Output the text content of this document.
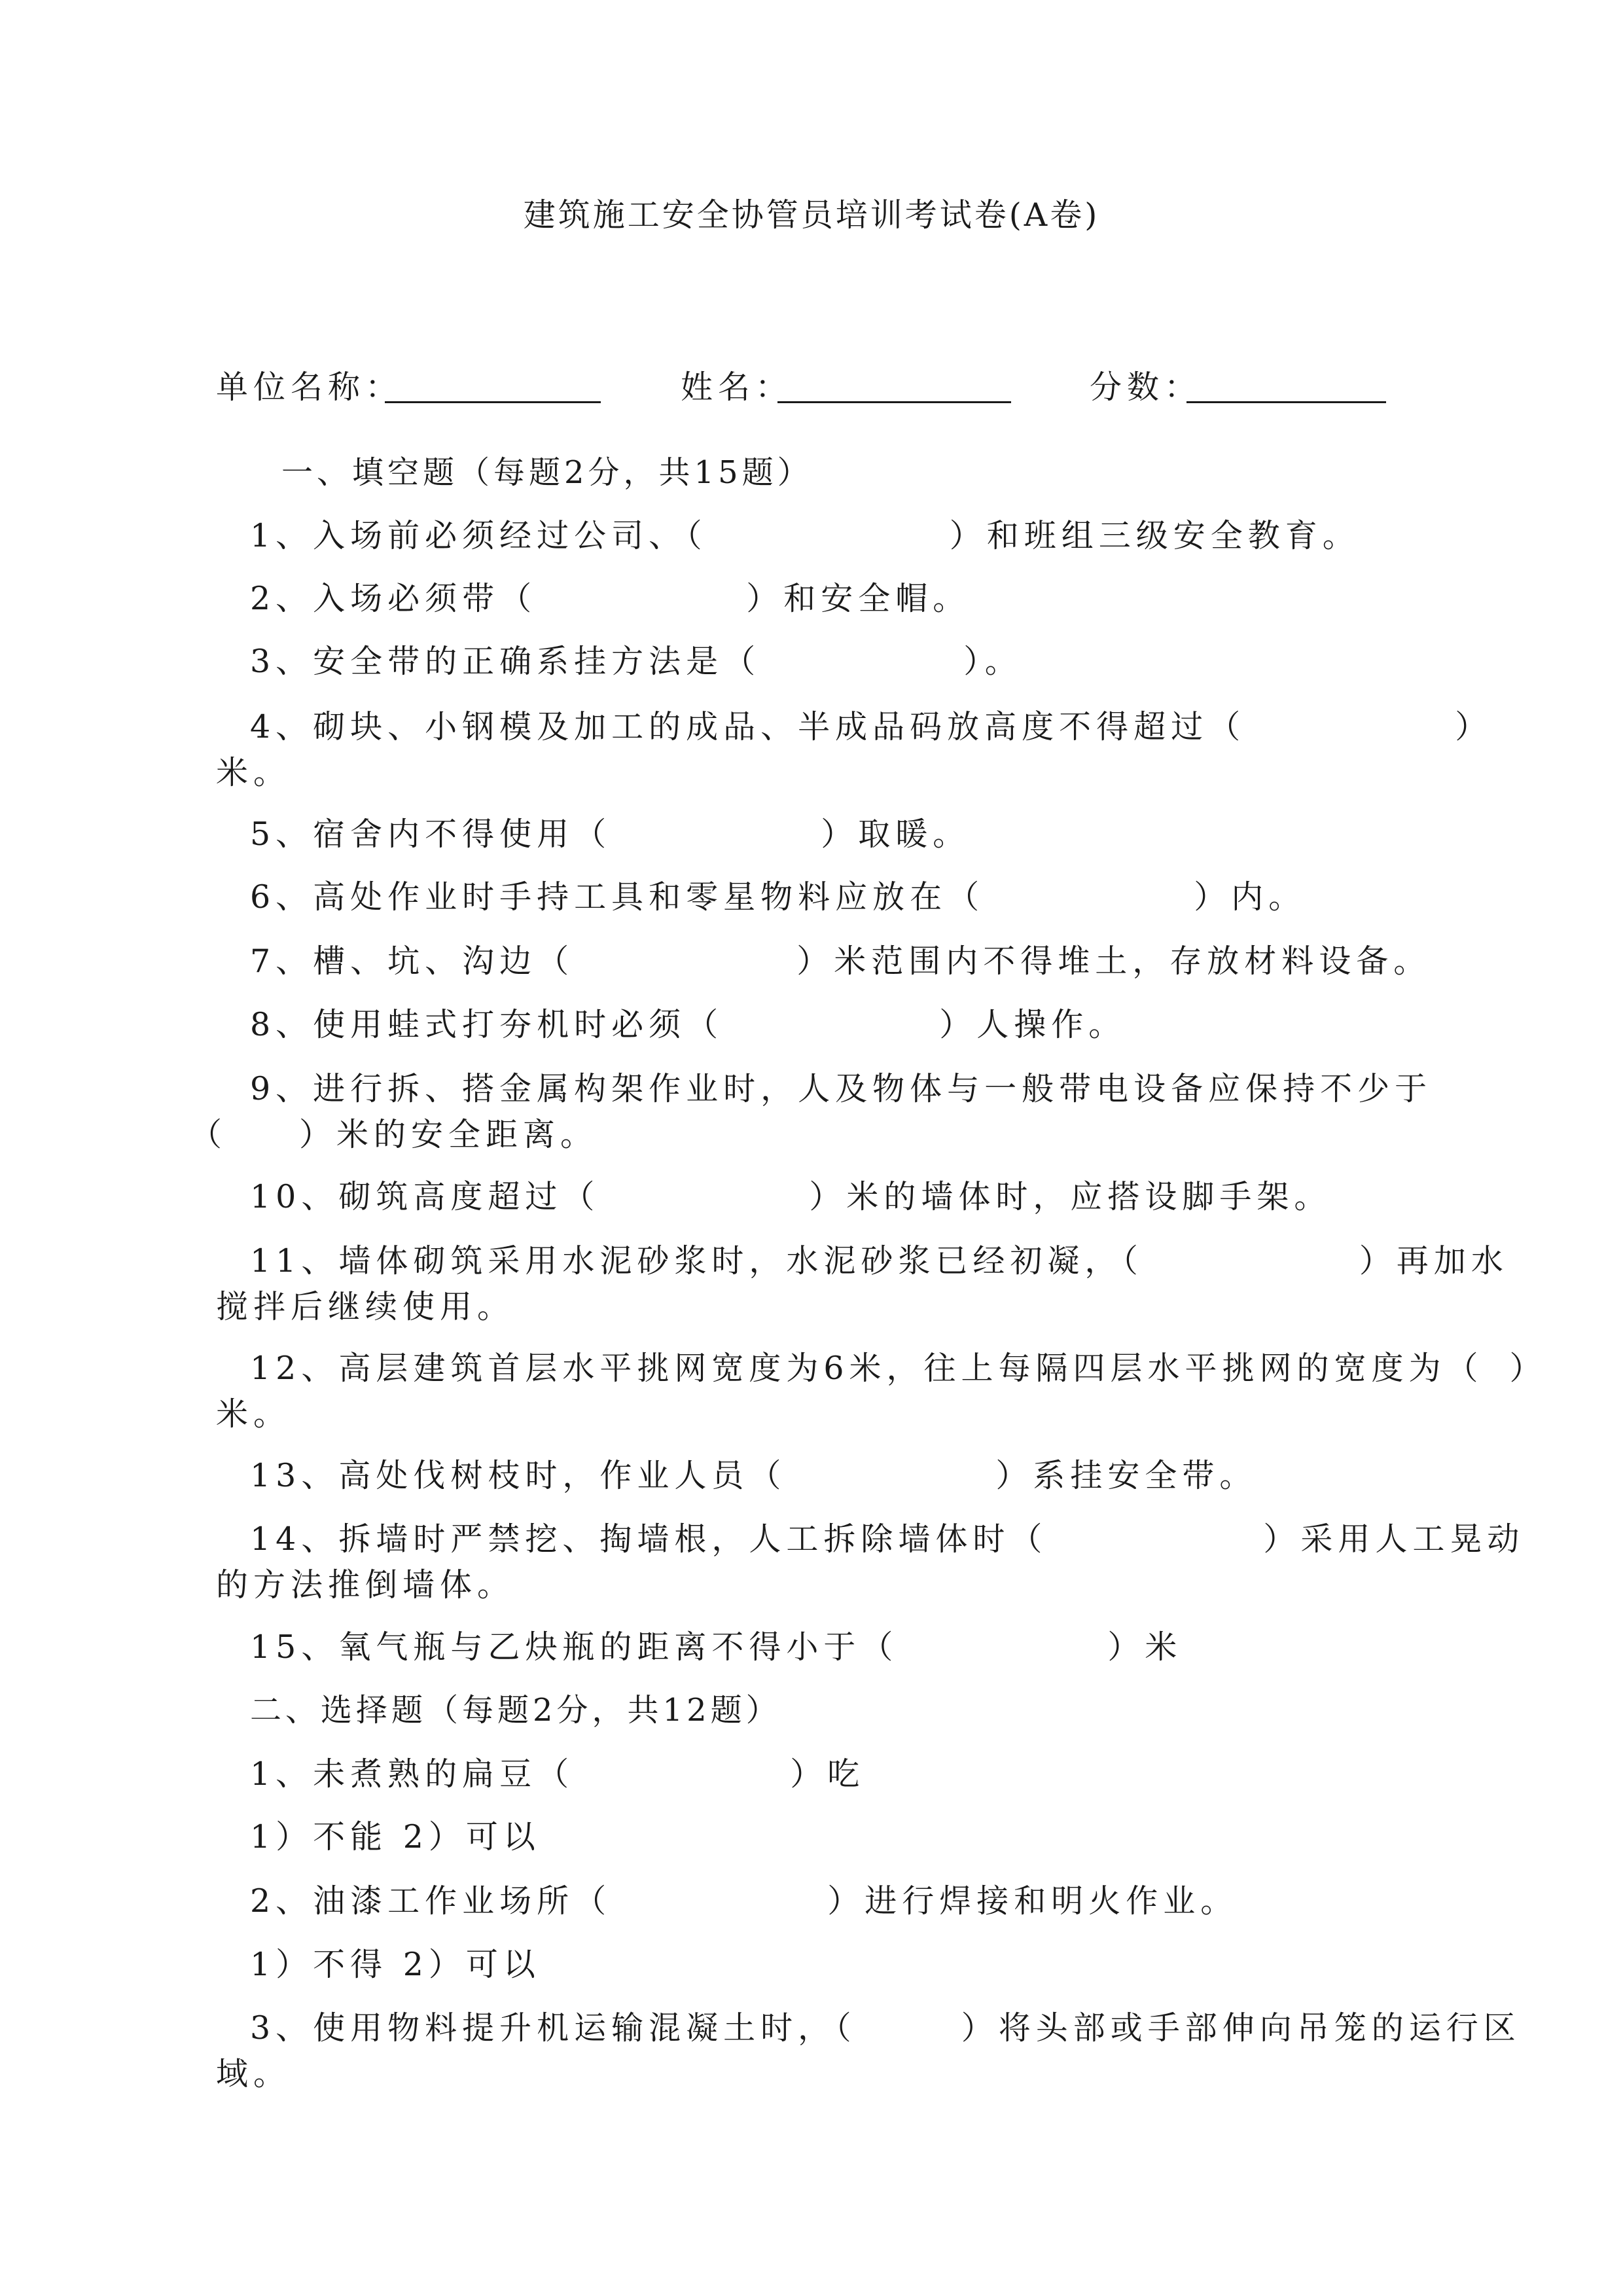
建筑施工安全协管员培训考试卷(A卷)
单位名称：	姓名：	分数：
一、填空题（每题2分，共15题）
1、入场前必须经过公司、（	）和班组三级安全教育。
2、入场必须带（	）和安全帽。
3、安全带的正确系挂方法是（	）。
4、砌块、小钢模及加工的成品、半成品码放高度不得超过（	）
米。
5、宿舍内不得使用（	）取暖。
6、高处作业时手持工具和零星物料应放在（	）内。
7、槽、坑、沟边（	）米范围内不得堆土，存放材料设备。
8、使用蛙式打夯机时必须（	）人操作。
9、进行拆、搭金属构架作业时，人及物体与一般带电设备应保持不少于
（ ）米的安全距离。
10、砌筑高度超过（	）米的墙体时，应搭设脚手架。
11、墙体砌筑采用水泥砂浆时，水泥砂浆已经初凝，（	）再加水
搅拌后继续使用。
12、高层建筑首层水平挑网宽度为6米，往上每隔四层水平挑网的宽度为（ ）
米。
13、高处伐树枝时，作业人员（	）系挂安全带。
14、拆墙时严禁挖、掏墙根，人工拆除墙体时（	）采用人工晃动
的方法推倒墙体。
15、氧气瓶与乙炔瓶的距离不得小于（	）米
二、选择题（每题2分，共12题）
1、未煮熟的扁豆（	）吃
1）不能 2）可以
2、油漆工作业场所（	）进行焊接和明火作业。
1）不得 2）可以
3、使用物料提升机运输混凝土时，（	）将头部或手部伸向吊笼的运行区
域。
